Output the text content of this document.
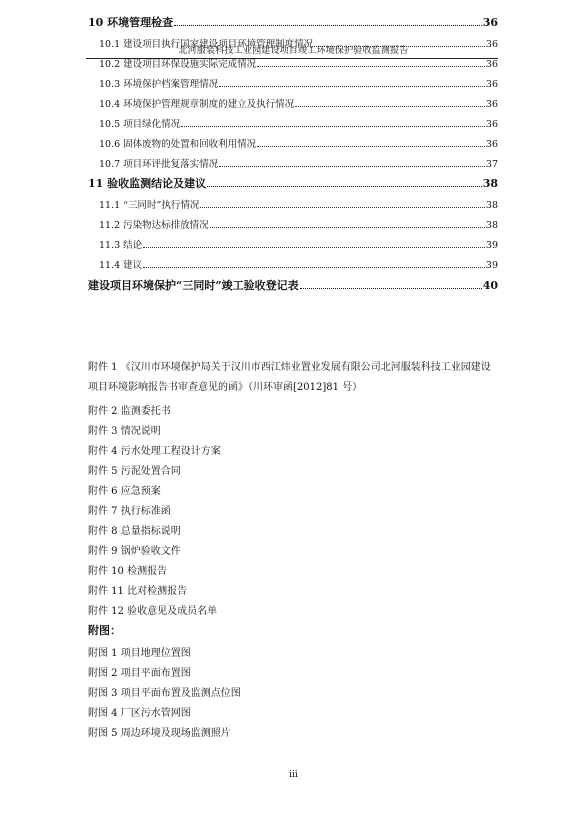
北河服装科技工业园建设项目竣工环境保护验收监测报告
10 环境管理检查	36
10.1 建设项目执行国家建设项目环境管理制度情况	36
10.2 建设项目环保设施实际完成情况	36
10.3 环境保护档案管理情况	36
10.4 环境保护管理规章制度的建立及执行情况	36
10.5 项目绿化情况	36
10.6 固体废物的处置和回收利用情况	36
10.7 项目环评批复落实情况	37
11 验收监测结论及建议	38
11.1 “三同时”执行情况	38
11.2 污染物达标排放情况	38
11.3 结论	39
11.4 建议	39
建设项目环境保护“三同时”竣工验收登记表	40
附件 1 《汉川市环境保护局关于汉川市西江炜业置业发展有限公司北河服装科技工业园建设项目环境影响报告书审查意见的函》（川环审函[2012]81 号）
附件 2 监测委托书
附件 3 情况说明
附件 4 污水处理工程设计方案
附件 5 污泥处置合同
附件 6 应急预案
附件 7 执行标准函
附件 8 总量指标说明
附件 9 锅炉验收文件
附件 10 检测报告
附件 11 比对检测报告
附件 12 验收意见及成员名单
附图：
附图 1 项目地理位置图
附图 2 项目平面布置图
附图 3 项目平面布置及监测点位图
附图 4 厂区污水管网图
附图 5 周边环境及现场监测照片
iii
